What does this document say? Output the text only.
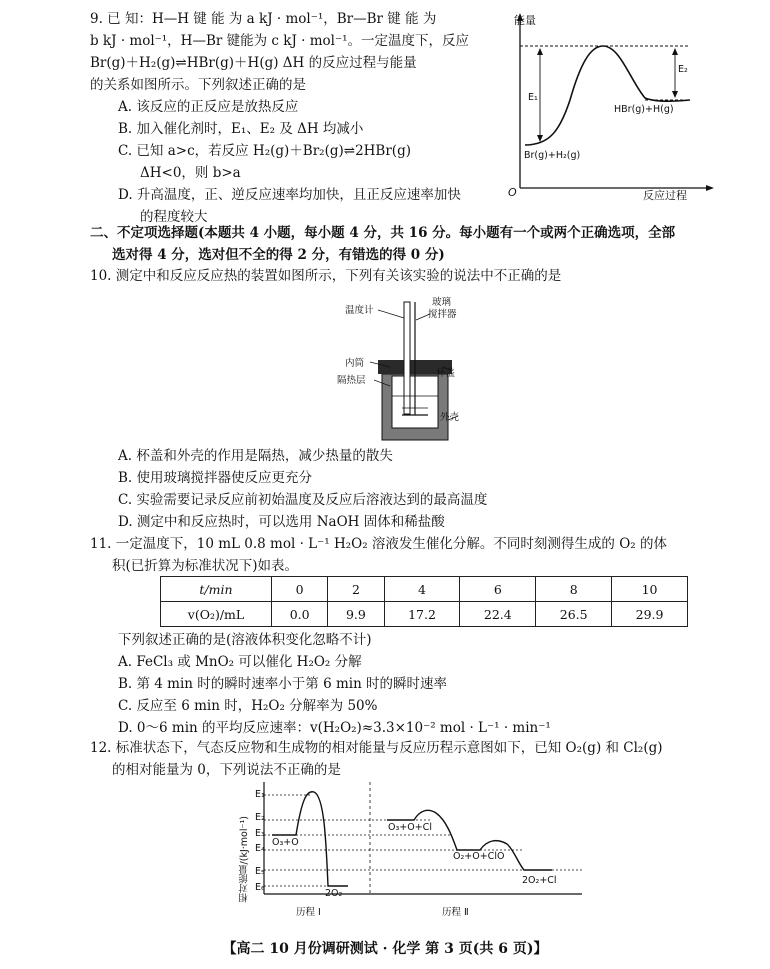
9. 已 知：H—H 键 能 为 a kJ · mol⁻¹，Br—Br 键 能 为
b kJ · mol⁻¹，H—Br 键能为 c kJ · mol⁻¹。一定温度下，反应
Br(g)＋H₂(g)⇌HBr(g)＋H(g) ΔH 的反应过程与能量
的关系如图所示。下列叙述正确的是
A. 该反应的正反应是放热反应
B. 加入催化剂时，E₁、E₂ 及 ΔH 均减小
C. 已知 a>c，若反应 H₂(g)＋Br₂(g)⇌2HBr(g)
ΔH<0，则 b>a
D. 升高温度，正、逆反应速率均加快，且正反应速率加快
的程度较大
能量
反应过程
O
E₁
E₂
HBr(g)+H(g)
Br(g)+H₂(g)
二、不定项选择题(本题共 4 小题，每小题 4 分，共 16 分。每小题有一个或两个正确选项，全部
选对得 4 分，选对但不全的得 2 分，有错选的得 0 分)
10. 测定中和反应反应热的装置如图所示，下列有关该实验的说法中不正确的是
温度计
玻璃
搅拌器
内筒
隔热层
杯盖
外壳
A. 杯盖和外壳的作用是隔热，减少热量的散失
B. 使用玻璃搅拌器使反应更充分
C. 实验需要记录反应前初始温度及反应后溶液达到的最高温度
D. 测定中和反应热时，可以选用 NaOH 固体和稀盐酸
11. 一定温度下，10 mL 0.8 mol · L⁻¹ H₂O₂ 溶液发生催化分解。不同时刻测得生成的 O₂ 的体
积(已折算为标准状况下)如表。
t/min	0	2	4	6	8	10
v(O₂)/mL	0.0	9.9	17.2	22.4	26.5	29.9
下列叙述正确的是(溶液体积变化忽略不计)
A. FeCl₃ 或 MnO₂ 可以催化 H₂O₂ 分解
B. 第 4 min 时的瞬时速率小于第 6 min 时的瞬时速率
C. 反应至 6 min 时，H₂O₂ 分解率为 50%
D. 0～6 min 的平均反应速率：v(H₂O₂)≈3.3×10⁻² mol · L⁻¹ · min⁻¹
12. 标准状态下，气态反应物和生成物的相对能量与反应历程示意图如下，已知 O₂(g) 和 Cl₂(g)
的相对能量为 0，下列说法不正确的是
相对能量/(kJ·mol⁻¹)
E₁
E₂
E₃
E₄
E₅
E₆
O₃+O
2O₂
历程 Ⅰ
O₃+O+Cl
O₂+O+ClO
2O₂+Cl
历程 Ⅱ
【高二 10 月份调研测试 · 化学 第 3 页(共 6 页)】
